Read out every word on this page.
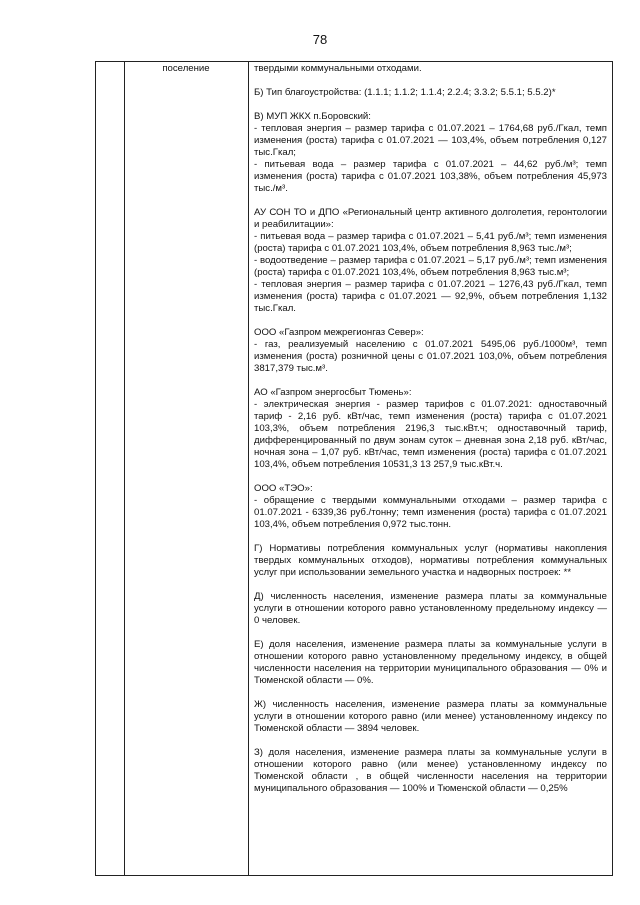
78
поселение	твердыми коммунальными отходами.

Б) Тип благоустройства: (1.1.1; 1.1.2; 1.1.4; 2.2.4; 3.3.2; 5.5.1; 5.5.2)*

В) МУП ЖКХ п.Боровский:

- тепловая энергия – размер тарифа с 01.07.2021 – 1764,68 руб./Гкал, темп изменения (роста) тарифа с 01.07.2021 — 103,4%, объем потребления 0,127 тыс.Гкал;

- питьевая вода – размер тарифа с 01.07.2021 – 44,62 руб./м³; темп изменения (роста) тарифа с 01.07.2021 103,38%, объем потребления 45,973 тыс./м³.

АУ СОН ТО и ДПО «Региональный центр активного долголетия, геронтологии и реабилитации»:

- питьевая вода – размер тарифа с 01.07.2021 – 5,41 руб./м³; темп изменения (роста) тарифа с 01.07.2021 103,4%, объем потребления 8,963 тыс./м³;

- водоотведение – размер тарифа с 01.07.2021 – 5,17 руб./м³; темп изменения (роста) тарифа с 01.07.2021 103,4%, объем потребления 8,963 тыс.м³;

- тепловая энергия – размер тарифа с 01.07.2021 – 1276,43 руб./Гкал, темп изменения (роста) тарифа с 01.07.2021 — 92,9%, объем потребления 1,132 тыс.Гкал.

ООО «Газпром межрегионгаз Север»:

- газ, реализуемый населению с 01.07.2021 5495,06 руб./1000м³, темп изменения (роста) розничной цены с 01.07.2021 103,0%, объем потребления 3817,379 тыс.м³.

АО «Газпром энергосбыт Тюмень»:

- электрическая энергия - размер тарифов с 01.07.2021: одноставочный тариф - 2,16 руб. кВт/час, темп изменения (роста) тарифа с 01.07.2021 103,3%, объем потребления 2196,3 тыс.кВт.ч; одноставочный тариф, дифференцированный по двум зонам суток – дневная зона 2,18 руб. кВт/час, ночная зона – 1,07 руб. кВт/час, темп изменения (роста) тарифа с 01.07.2021 103,4%, объем потребления 10531,3 13 257,9 тыс.кВт.ч.

ООО «ТЭО»:

- обращение с твердыми коммунальными отходами – размер тарифа с 01.07.2021 - 6339,36 руб./тонну; темп изменения (роста) тарифа с 01.07.2021 103,4%, объем потребления 0,972 тыс.тонн.

Г) Нормативы потребления коммунальных услуг (нормативы накопления твердых коммунальных отходов), нормативы потребления коммунальных услуг при использовании земельного участка и надворных построек: **

Д) численность населения, изменение размера платы за коммунальные услуги в отношении которого равно установленному предельному индексу — 0 человек.

Е) доля населения, изменение размера платы за коммунальные услуги в отношении которого равно установленному предельному индексу, в общей численности населения на территории муниципального образования — 0% и Тюменской области — 0%.

Ж) численность населения, изменение размера платы за коммунальные услуги в отношении которого равно (или менее) установленному индексу по Тюменской области — 3894 человек.

З) доля населения, изменение размера платы за коммунальные услуги в отношении которого равно (или менее) установленному индексу по Тюменской области , в общей численности населения на территории муниципального образования — 100% и Тюменской области — 0,25%
